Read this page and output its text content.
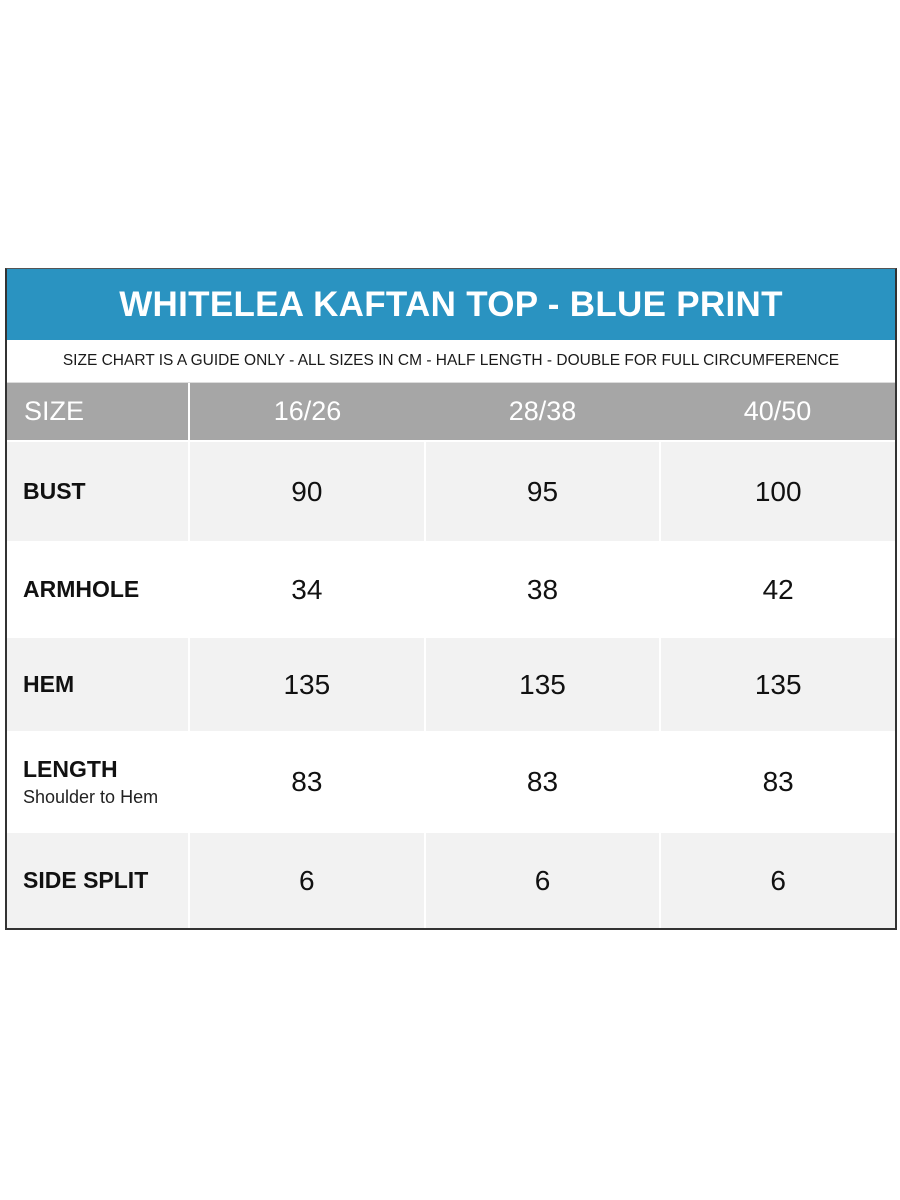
WHITELEA KAFTAN TOP - BLUE PRINT
SIZE CHART IS A GUIDE ONLY - ALL SIZES IN CM - HALF LENGTH - DOUBLE FOR FULL CIRCUMFERENCE
SIZE	16/26	28/38	40/50
BUST	90	95	100
ARMHOLE	34	38	42
HEM	135	135	135
LENGTH
Shoulder to Hem	83	83	83
SIDE SPLIT	6	6	6
